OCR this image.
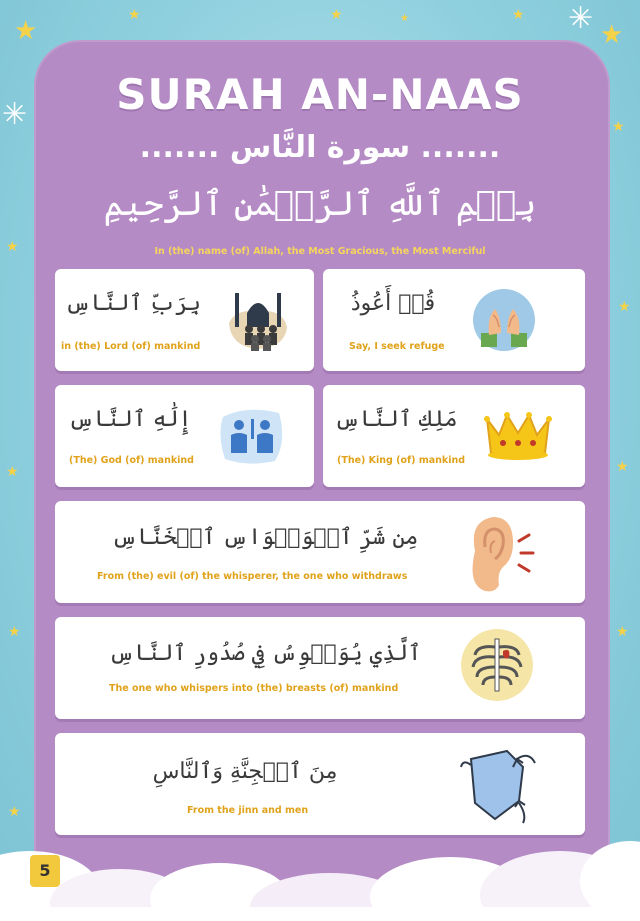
★
★	★	★	★
★
✳
✳	★
★
★
★	★
★	★
★
SURAH AN-NAAS
....... سورة النَّاس .......
بِسۡمِ ٱللَّهِ ٱلرَّحۡمَٰنِ ٱلرَّحِيمِ
In (the) name (of) Allah, the Most Gracious, the Most Merciful
قُلۡ أَعُوذُ
Say, I seek refuge
بِرَبِّ ٱلنَّاسِ
in (the) Lord (of) mankind
مَلِكِ ٱلنَّاسِ
(The) King (of) mankind
إِلَٰهِ ٱلنَّاسِ
(The) God (of) mankind
مِن شَرِّ ٱلۡوَسۡوَاسِ ٱلۡخَنَّاسِ
From (the) evil (of) the whisperer, the one who withdraws
ٱلَّذِي يُوَسۡوِسُ فِي صُدُورِ ٱلنَّاسِ
The one who whispers into (the) breasts (of) mankind
مِنَ ٱلۡجِنَّةِ وَٱلنَّاسِ
From the jinn and men
5
